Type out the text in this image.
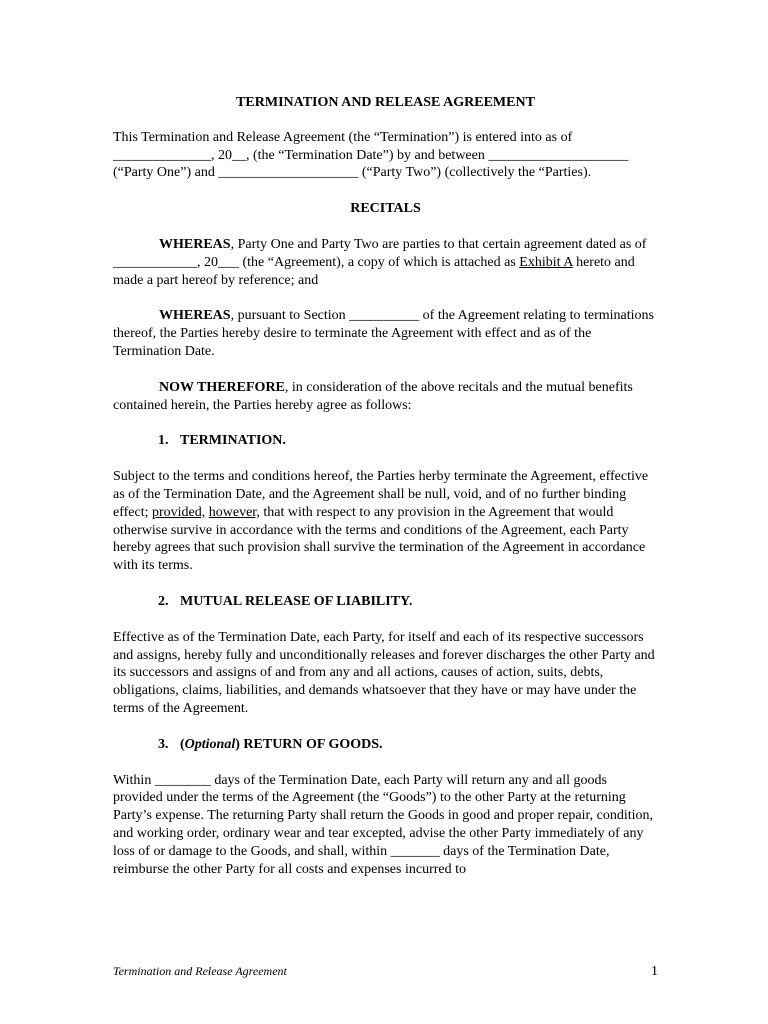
TERMINATION AND RELEASE AGREEMENT

This Termination and Release Agreement (the “Termination”) is entered into as of ______________, 20__, (the “Termination Date”) by and between ____________________ (“Party One”) and ____________________ (“Party Two”) (collectively the “Parties).

RECITALS

WHEREAS, Party One and Party Two are parties to that certain agreement dated as of ____________, 20___ (the “Agreement), a copy of which is attached as Exhibit A hereto and made a part hereof by reference; and

WHEREAS, pursuant to Section __________ of the Agreement relating to terminations thereof, the Parties hereby desire to terminate the Agreement with effect and as of the Termination Date.

NOW THEREFORE, in consideration of the above recitals and the mutual benefits contained herein, the Parties hereby agree as follows:

1. TERMINATION.

Subject to the terms and conditions hereof, the Parties herby terminate the Agreement, effective as of the Termination Date, and the Agreement shall be null, void, and of no further binding effect; provided, however, that with respect to any provision in the Agreement that would otherwise survive in accordance with the terms and conditions of the Agreement, each Party hereby agrees that such provision shall survive the termination of the Agreement in accordance with its terms.

2. MUTUAL RELEASE OF LIABILITY.

Effective as of the Termination Date, each Party, for itself and each of its respective successors and assigns, hereby fully and unconditionally releases and forever discharges the other Party and its successors and assigns of and from any and all actions, causes of action, suits, debts, obligations, claims, liabilities, and demands whatsoever that they have or may have under the terms of the Agreement.

3. (Optional) RETURN OF GOODS.

Within ________ days of the Termination Date, each Party will return any and all goods provided under the terms of the Agreement (the “Goods”) to the other Party at the returning Party’s expense. The returning Party shall return the Goods in good and proper repair, condition, and working order, ordinary wear and tear excepted, advise the other Party immediately of any loss of or damage to the Goods, and shall, within _______ days of the Termination Date, reimburse the other Party for all costs and expenses incurred to

Termination and Release Agreement	1
